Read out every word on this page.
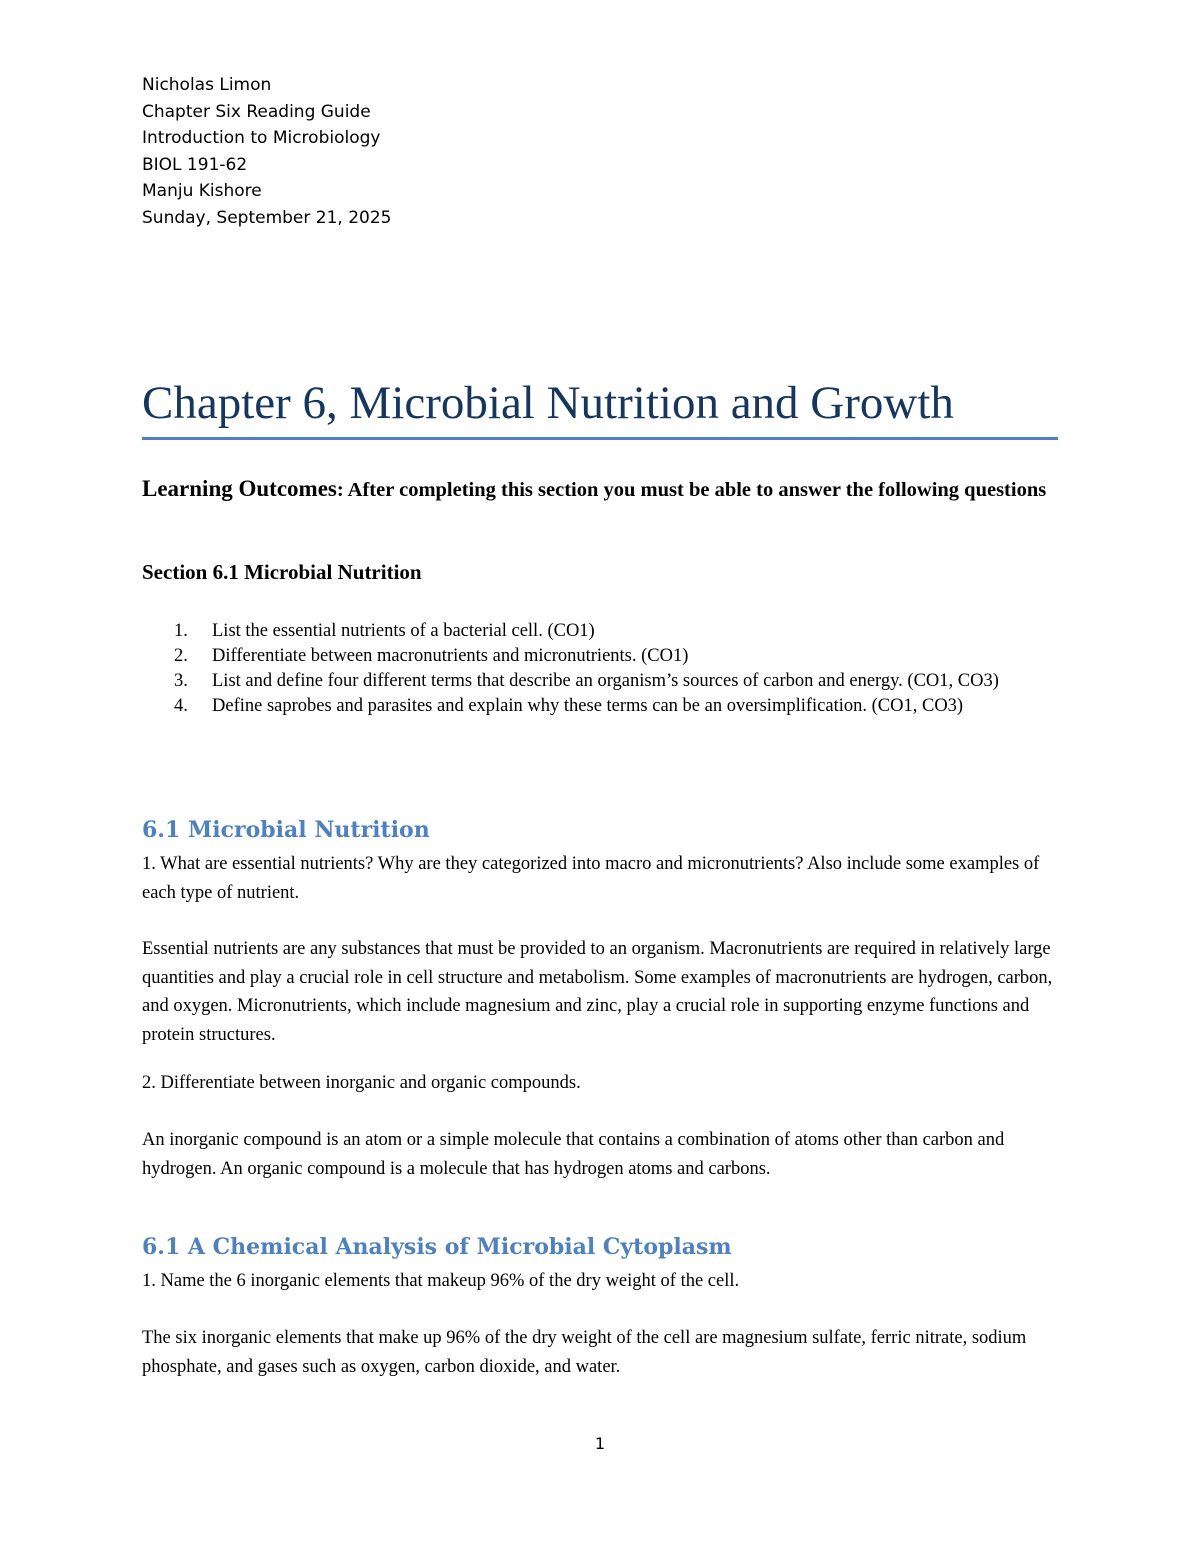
Nicholas Limon
Chapter Six Reading Guide
Introduction to Microbiology
BIOL 191-62
Manju Kishore
Sunday, September 21, 2025
Chapter 6, Microbial Nutrition and Growth
Learning Outcomes: After completing this section you must be able to answer the following questions
Section 6.1 Microbial Nutrition
1. List the essential nutrients of a bacterial cell. (CO1)
2. Differentiate between macronutrients and micronutrients. (CO1)
3. List and define four different terms that describe an organism’s sources of carbon and energy. (CO1, CO3)
4. Define saprobes and parasites and explain why these terms can be an oversimplification. (CO1, CO3)
6.1 Microbial Nutrition
1. What are essential nutrients? Why are they categorized into macro and micronutrients? Also include some examples of each type of nutrient.
Essential nutrients are any substances that must be provided to an organism. Macronutrients are required in relatively large quantities and play a crucial role in cell structure and metabolism. Some examples of macronutrients are hydrogen, carbon, and oxygen. Micronutrients, which include magnesium and zinc, play a crucial role in supporting enzyme functions and protein structures.
2. Differentiate between inorganic and organic compounds.
An inorganic compound is an atom or a simple molecule that contains a combination of atoms other than carbon and hydrogen. An organic compound is a molecule that has hydrogen atoms and carbons.
6.1 A Chemical Analysis of Microbial Cytoplasm
1. Name the 6 inorganic elements that makeup 96% of the dry weight of the cell.
The six inorganic elements that make up 96% of the dry weight of the cell are magnesium sulfate, ferric nitrate, sodium phosphate, and gases such as oxygen, carbon dioxide, and water.
1
